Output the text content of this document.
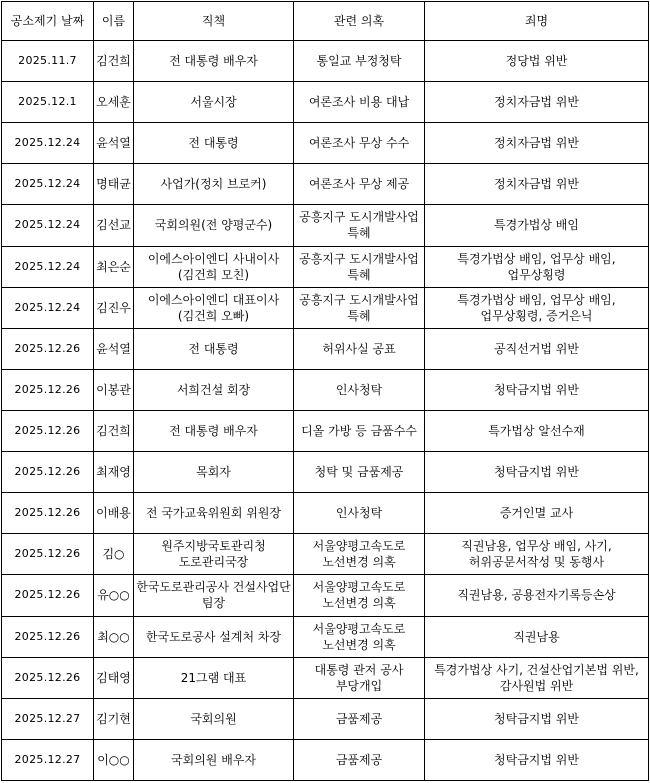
공소제기 날짜	이름	직책	관련 의혹	죄명
2025.11.7	김건희	전 대통령 배우자	통일교 부정청탁	정당법 위반
2025.12.1	오세훈	서울시장	여론조사 비용 대납	정치자금법 위반
2025.12.24	윤석열	전 대통령	여론조사 무상 수수	정치자금법 위반
2025.12.24	명태균	사업가(정치 브로커)	여론조사 무상 제공	정치자금법 위반
2025.12.24	김선교	국회의원(전 양평군수)	공흥지구 도시개발사업 특혜	특경가법상 배임
2025.12.24	최은순	이에스아이엔디 사내이사(김건희 모친)	공흥지구 도시개발사업 특혜	특경가법상 배임, 업무상 배임, 업무상횡령
2025.12.24	김진우	이에스아이엔디 대표이사(김건희 오빠)	공흥지구 도시개발사업 특혜	특경가법상 배임, 업무상 배임, 업무상횡령, 증거은닉
2025.12.26	윤석열	전 대통령	허위사실 공표	공직선거법 위반
2025.12.26	이봉관	서희건설 회장	인사청탁	청탁금지법 위반
2025.12.26	김건희	전 대통령 배우자	디올 가방 등 금품수수	특가법상 알선수재
2025.12.26	최재영	목회자	청탁 및 금품제공	청탁금지법 위반
2025.12.26	이배용	전 국가교육위원회 위원장	인사청탁	증거인멸 교사
2025.12.26	김○	원주지방국토관리청 도로관리국장	서울양평고속도로 노선변경 의혹	직권남용, 업무상 배임, 사기, 허위공문서작성 및 동행사
2025.12.26	유○○	한국도로관리공사 건설사업단 팀장	서울양평고속도로 노선변경 의혹	직권남용, 공용전자기록등손상
2025.12.26	최○○	한국도로공사 설계처 차장	서울양평고속도로 노선변경 의혹	직권남용
2025.12.26	김태영	21그램 대표	대통령 관저 공사 부당개입	특경가법상 사기, 건설산업기본법 위반, 감사원법 위반
2025.12.27	김기현	국회의원	금품제공	청탁금지법 위반
2025.12.27	이○○	국회의원 배우자	금품제공	청탁금지법 위반
